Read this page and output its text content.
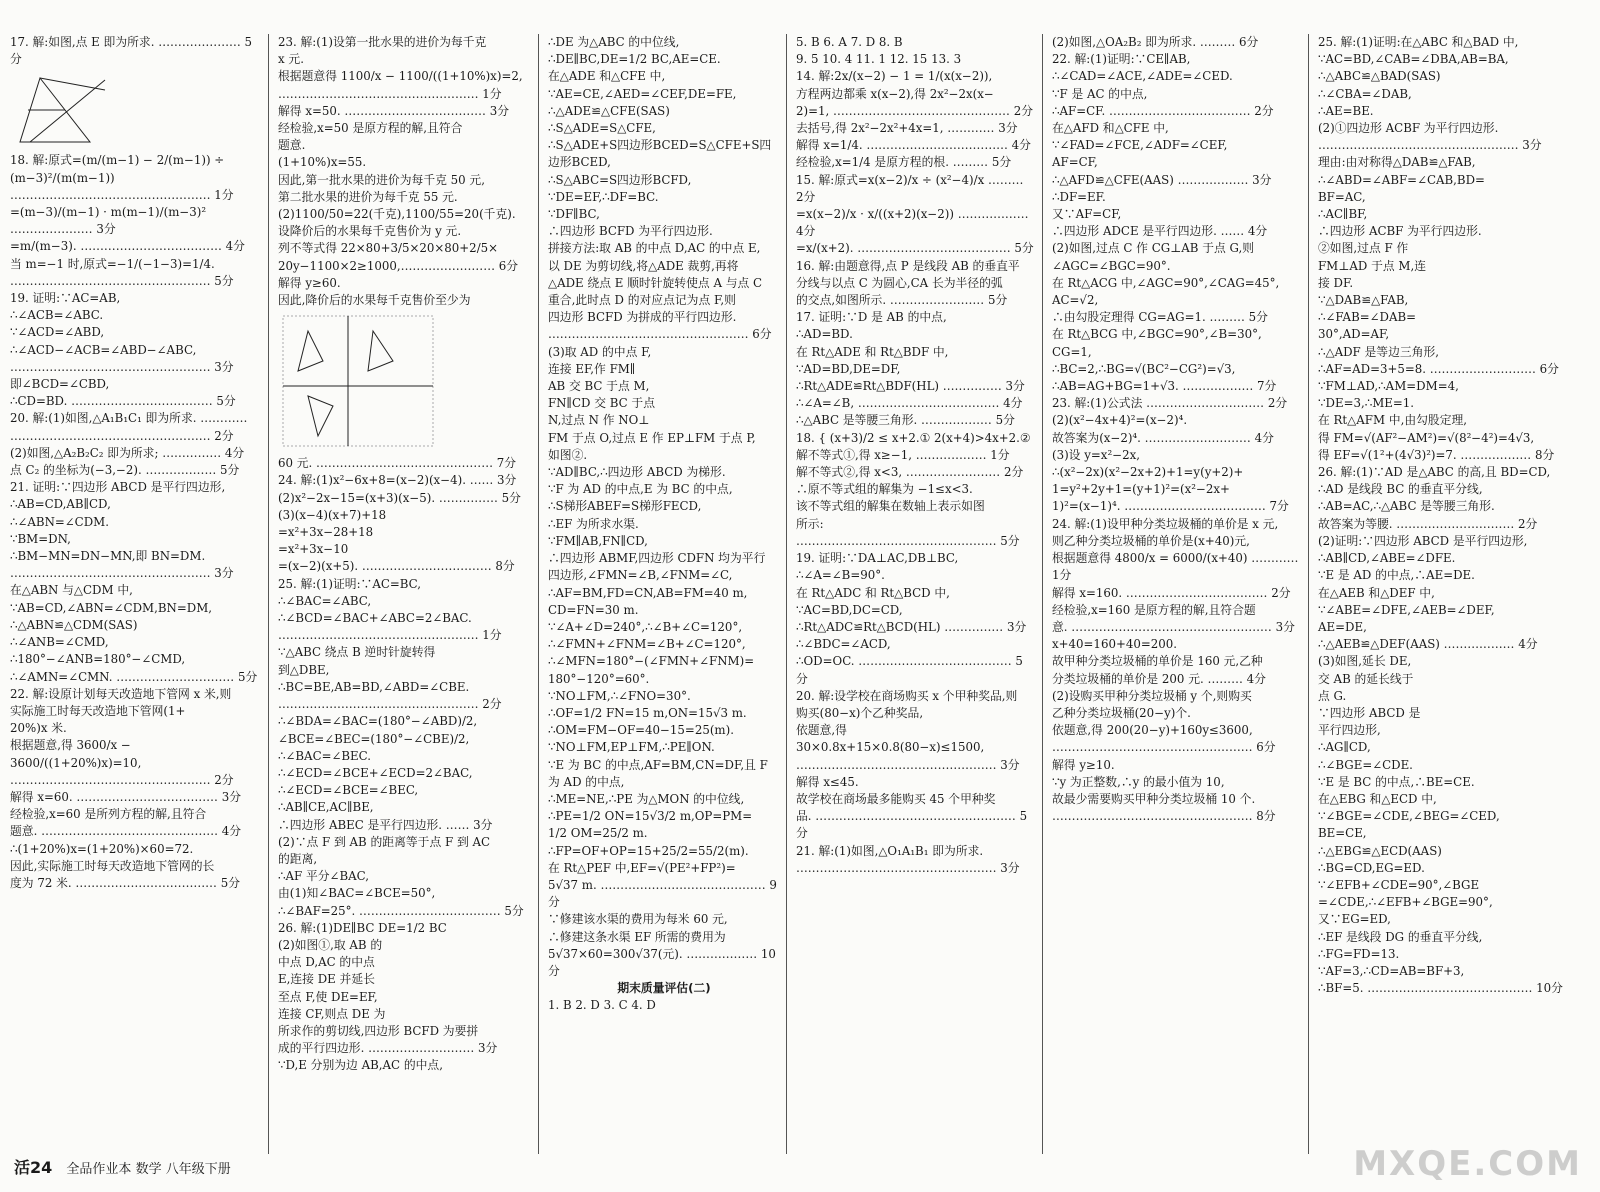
17. 解:如图,点 E 即为所求. ………………… 5分
18. 解:原式=(m/(m−1) − 2/(m−1)) ÷ (m−3)²/(m(m−1))
…………………………………………… 1分
=(m−3)/(m−1) · m(m−1)/(m−3)² ………………… 3分
=m/(m−3). ……………………………… 4分
当 m=−1 时,原式=−1/(−1−3)=1/4.
…………………………………………… 5分
19. 证明:∵AC=AB,
∴∠ACB=∠ABC.
∵∠ACD=∠ABD,
∴∠ACD−∠ACB=∠ABD−∠ABC,
…………………………………………… 3分
即∠BCD=∠CBD,
∴CD=BD. ……………………………… 5分
20. 解:(1)如图,△A₁B₁C₁ 即为所求. …………
…………………………………………… 2分
(2)如图,△A₂B₂C₂ 即为所求; …………… 4分
点 C₂ 的坐标为(−3,−2). ……………… 5分
21. 证明:∵四边形 ABCD 是平行四边形,
∴AB=CD,AB∥CD,
∴∠ABN=∠CDM.
∵BM=DN,
∴BM−MN=DN−MN,即 BN=DM.
…………………………………………… 3分
在△ABN 与△CDM 中,
∵AB=CD,∠ABN=∠CDM,BN=DM,
∴△ABN≌△CDM(SAS)
∴∠ANB=∠CMD,
∴180°−∠ANB=180°−∠CMD,
∴∠AMN=∠CMN. ………………………… 5分
22. 解:设原计划每天改造地下管网 x 米,则
实际施工时每天改造地下管网(1+
20%)x 米.
根据题意,得 3600/x − 3600/((1+20%)x)=10,
…………………………………………… 2分
解得 x=60. ……………………………… 3分
经检验,x=60 是所列方程的解,且符合
题意. ……………………………………… 4分
∴(1+20%)x=(1+20%)×60=72.
因此,实际施工时每天改造地下管网的长
度为 72 米. ……………………………… 5分
23. 解:(1)设第一批水果的进价为每千克
x 元.
根据题意得 1100/x − 1100/((1+10%)x)=2,
…………………………………………… 1分
解得 x=50. ……………………………… 3分
经检验,x=50 是原方程的解,且符合
题意.
(1+10%)x=55.
因此,第一批水果的进价为每千克 50 元,
第二批水果的进价为每千克 55 元.
(2)1100/50=22(千克),1100/55=20(千克).
设降价后的水果每千克售价为 y 元.
列不等式得 22×80+3/5×20×80+2/5×
20y−1100×2≥1000,…………………… 6分
解得 y≥60.
因此,降价后的水果每千克售价至少为
60 元. ……………………………………… 7分
24. 解:(1)x²−6x+8=(x−2)(x−4). …… 3分
(2)x²−2x−15=(x+3)(x−5). …………… 5分
(3)(x−4)(x+7)+18
=x²+3x−28+18
=x²+3x−10
=(x−2)(x+5). …………………………… 8分
25. 解:(1)证明:∵AC=BC,
∴∠BAC=∠ABC,
∴∠BCD=∠BAC+∠ABC=2∠BAC.
…………………………………………… 1分
∵△ABC 绕点 B 逆时针旋转得
到△DBE,
∴BC=BE,AB=BD,∠ABD=∠CBE.
…………………………………………… 2分
∴∠BDA=∠BAC=(180°−∠ABD)/2,
∠BCE=∠BEC=(180°−∠CBE)/2,
∴∠BAC=∠BEC.
∴∠ECD=∠BCE+∠ECD=2∠BAC,
∴∠ECD=∠BCE=∠BEC,
∴AB∥CE,AC∥BE,
∴四边形 ABEC 是平行四边形. …… 3分
(2)∵点 F 到 AB 的距离等于点 F 到 AC
的距离,
∴AF 平分∠BAC,
由(1)知∠BAC=∠BCE=50°,
∴∠BAF=25°. ……………………………… 5分
26. 解:(1)DE∥BC DE=1/2 BC
(2)如图①,取 AB 的
中点 D,AC 的中点
E,连接 DE 并延长
至点 F,使 DE=EF,
连接 CF,则点 DE 为
所求作的剪切线,四边形 BCFD 为要拼
成的平行四边形. ……………………… 3分
∵D,E 分别为边 AB,AC 的中点,
∴DE 为△ABC 的中位线,
∴DE∥BC,DE=1/2 BC,AE=CE.
在△ADE 和△CFE 中,
∵AE=CE,∠AED=∠CEF,DE=FE,
∴△ADE≌△CFE(SAS)
∴S△ADE=S△CFE,
∴S△ADE+S四边形BCED=S△CFE+S四边形BCED,
∴S△ABC=S四边形BCFD,
∵DE=EF,∴DF=BC.
∵DF∥BC,
∴四边形 BCFD 为平行四边形.
拼接方法:取 AB 的中点 D,AC 的中点 E,
以 DE 为剪切线,将△ADE 裁剪,再将
△ADE 绕点 E 顺时针旋转使点 A 与点 C
重合,此时点 D 的对应点记为点 F,则
四边形 BCFD 为拼成的平行四边形.
…………………………………………… 6分
(3)取 AD 的中点 F,
连接 EF,作 FM∥
AB 交 BC 于点 M,
FN∥CD 交 BC 于点
N,过点 N 作 NO⊥
FM 于点 O,过点 E 作 EP⊥FM 于点 P,
如图②.
∵AD∥BC,∴四边形 ABCD 为梯形.
∵F 为 AD 的中点,E 为 BC 的中点,
∴S梯形ABEF=S梯形FECD,
∴EF 为所求水渠.
∵FM∥AB,FN∥CD,
∴四边形 ABMF,四边形 CDFN 均为平行
四边形,∠FMN=∠B,∠FNM=∠C,
∴AF=BM,FD=CN,AB=FM=40 m,
CD=FN=30 m.
∵∠A+∠D=240°,∴∠B+∠C=120°,
∴∠FMN+∠FNM=∠B+∠C=120°,
∴∠MFN=180°−(∠FMN+∠FNM)=
180°−120°=60°.
∵NO⊥FM,∴∠FNO=30°.
∴OF=1/2 FN=15 m,ON=15√3 m.
∴OM=FM−OF=40−15=25(m).
∵NO⊥FM,EP⊥FM,∴PE∥ON.
∵E 为 BC 的中点,AF=BM,CN=DF,且 F
为 AD 的中点,
∴ME=NE,∴PE 为△MON 的中位线,
∴PE=1/2 ON=15√3/2 m,OP=PM=
1/2 OM=25/2 m.
∴FP=OF+OP=15+25/2=55/2(m).
在 Rt△PEF 中,EF=√(PE²+FP²)=
5√37 m. …………………………………… 9分
∵修建该水渠的费用为每米 60 元,
∴修建这条水渠 EF 所需的费用为
5√37×60=300√37(元). ……………… 10分
期末质量评估(二)
1. B 2. D 3. C 4. D
5. B 6. A 7. D 8. B
9. 5 10. 4 11. 1 12. 15 13. 3
14. 解:2x/(x−2) − 1 = 1/(x(x−2)),
方程两边都乘 x(x−2),得 2x²−2x(x−
2)=1, ……………………………………… 2分
去括号,得 2x²−2x²+4x=1, ………… 3分
解得 x=1/4. ……………………………… 4分
经检验,x=1/4 是原方程的根. ……… 5分
15. 解:原式=x(x−2)/x ÷ (x²−4)/x ……… 2分
=x(x−2)/x · x/((x+2)(x−2)) ……………… 4分
=x/(x+2). ………………………………… 5分
16. 解:由题意得,点 P 是线段 AB 的垂直平
分线与以点 C 为圆心,CA 长为半径的弧
的交点,如图所示. …………………… 5分
17. 证明:∵D 是 AB 的中点,
∴AD=BD.
在 Rt△ADE 和 Rt△BDF 中,
∵AD=BD,DE=DF,
∴Rt△ADE≌Rt△BDF(HL) …………… 3分
∴∠A=∠B, ……………………………… 4分
∴△ABC 是等腰三角形. ……………… 5分
18. { (x+3)/2 ≤ x+2.① 2(x+4)>4x+2.②
解不等式①,得 x≥−1, ……………… 1分
解不等式②,得 x<3, …………………… 2分
∴原不等式组的解集为 −1≤x<3.
该不等式组的解集在数轴上表示如图
所示:
…………………………………………… 5分
19. 证明:∵DA⊥AC,DB⊥BC,
∴∠A=∠B=90°.
在 Rt△ADC 和 Rt△BCD 中,
∵AC=BD,DC=CD,
∴Rt△ADC≌Rt△BCD(HL) …………… 3分
∴∠BDC=∠ACD,
∴OD=OC. ………………………………… 5分
20. 解:设学校在商场购买 x 个甲种奖品,则
购买(80−x)个乙种奖品,
依题意,得
30×0.8x+15×0.8(80−x)≤1500,
…………………………………………… 3分
解得 x≤45.
故学校在商场最多能购买 45 个甲种奖
品. …………………………………………… 5分
21. 解:(1)如图,△O₁A₁B₁ 即为所求.
…………………………………………… 3分
(2)如图,△OA₂B₂ 即为所求. ……… 6分
22. 解:(1)证明:∵CE∥AB,
∴∠CAD=∠ACE,∠ADE=∠CED.
∵F 是 AC 的中点,
∴AF=CF. ……………………………… 2分
在△AFD 和△CFE 中,
∵∠FAD=∠FCE,∠ADF=∠CEF,
AF=CF,
∴△AFD≌△CFE(AAS) ……………… 3分
∴DF=EF.
又∵AF=CF,
∴四边形 ADCE 是平行四边形. …… 4分
(2)如图,过点 C 作 CG⊥AB 于点 G,则
∠AGC=∠BGC=90°.
在 Rt△ACG 中,∠AGC=90°,∠CAG=45°,
AC=√2,
∴由勾股定理得 CG=AG=1. ……… 5分
在 Rt△BCG 中,∠BGC=90°,∠B=30°,
CG=1,
∴BC=2,∴BG=√(BC²−CG²)=√3,
∴AB=AG+BG=1+√3. ……………… 7分
23. 解:(1)公式法 ………………………… 2分
(2)(x²−4x+4)²=(x−2)⁴.
故答案为(x−2)⁴. ……………………… 4分
(3)设 y=x²−2x,
∴(x²−2x)(x²−2x+2)+1=y(y+2)+
1=y²+2y+1=(y+1)²=(x²−2x+
1)²=(x−1)⁴. ……………………………… 7分
24. 解:(1)设甲种分类垃圾桶的单价是 x 元,
则乙种分类垃圾桶的单价是(x+40)元,
根据题意得 4800/x = 6000/(x+40) ………… 1分
解得 x=160. ……………………………… 2分
经检验,x=160 是原方程的解,且符合题
意. …………………………………………… 3分
x+40=160+40=200.
故甲种分类垃圾桶的单价是 160 元,乙种
分类垃圾桶的单价是 200 元. ……… 4分
(2)设购买甲种分类垃圾桶 y 个,则购买
乙种分类垃圾桶(20−y)个.
依题意,得 200(20−y)+160y≤3600,
…………………………………………… 6分
解得 y≥10.
∵y 为正整数,∴y 的最小值为 10,
故最少需要购买甲种分类垃圾桶 10 个.
…………………………………………… 8分
25. 解:(1)证明:在△ABC 和△BAD 中,
∵AC=BD,∠CAB=∠DBA,AB=BA,
∴△ABC≌△BAD(SAS)
∴∠CBA=∠DAB,
∴AE=BE.
(2)①四边形 ACBF 为平行四边形.
…………………………………………… 3分
理由:由对称得△DAB≌△FAB,
∴∠ABD=∠ABF=∠CAB,BD=
BF=AC,
∴AC∥BF,
∴四边形 ACBF 为平行四边形.
②如图,过点 F 作
FM⊥AD 于点 M,连
接 DF.
∵△DAB≌△FAB,
∴∠FAB=∠DAB=
30°,AD=AF,
∴△ADF 是等边三角形,
∴AF=AD=3+5=8. ……………………… 6分
∵FM⊥AD,∴AM=DM=4,
∵DE=3,∴ME=1.
在 Rt△AFM 中,由勾股定理,
得 FM=√(AF²−AM²)=√(8²−4²)=4√3,
得 EF=√(1²+(4√3)²)=7. ……………… 8分
26. 解:(1)∵AD 是△ABC 的高,且 BD=CD,
∴AD 是线段 BC 的垂直平分线,
∴AB=AC,∴△ABC 是等腰三角形.
故答案为等腰. ………………………… 2分
(2)证明:∵四边形 ABCD 是平行四边形,
∴AB∥CD,∠ABE=∠DFE.
∵E 是 AD 的中点,∴AE=DE.
在△AEB 和△DEF 中,
∵∠ABE=∠DFE,∠AEB=∠DEF,
AE=DE,
∴△AEB≌△DEF(AAS) ……………… 4分
(3)如图,延长 DE,
交 AB 的延长线于
点 G.
∵四边形 ABCD 是
平行四边形,
∴AG∥CD,
∴∠BGE=∠CDE.
∵E 是 BC 的中点,∴BE=CE.
在△EBG 和△ECD 中,
∵∠BGE=∠CDE,∠BEG=∠CED,
BE=CE,
∴△EBG≌△ECD(AAS)
∴BG=CD,EG=ED.
∵∠EFB+∠CDE=90°,∠BGE
=∠CDE,∴∠EFB+∠BGE=90°,
又∵EG=ED,
∴EF 是线段 DG 的垂直平分线,
∴FG=FD=13.
∵AF=3,∴CD=AB=BF+3,
∴BF=5. …………………………………… 10分
活24 全品作业本 数学 八年级下册	MXQE.COM
